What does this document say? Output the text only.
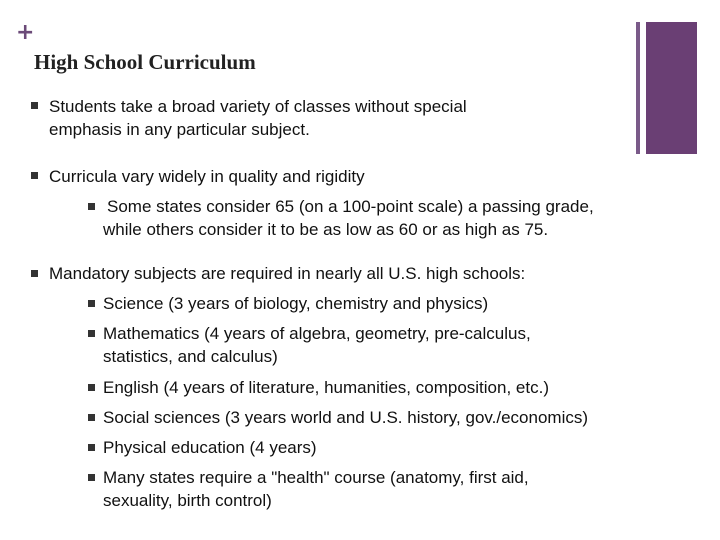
+
High School Curriculum
Students take a broad variety of classes without special
emphasis in any particular subject.
Curricula vary widely in quality and rigidity
Some states consider 65 (on a 100-point scale) a passing grade,
while others consider it to be as low as 60 or as high as 75.
Mandatory subjects are required in nearly all U.S. high schools:
Science (3 years of biology, chemistry and physics)
Mathematics (4 years of algebra, geometry, pre-calculus,
statistics, and calculus)
English (4 years of literature, humanities, composition, etc.)
Social sciences (3 years world and U.S. history, gov./economics)
Physical education (4 years)
Many states require a "health" course (anatomy, first aid,
sexuality, birth control)
